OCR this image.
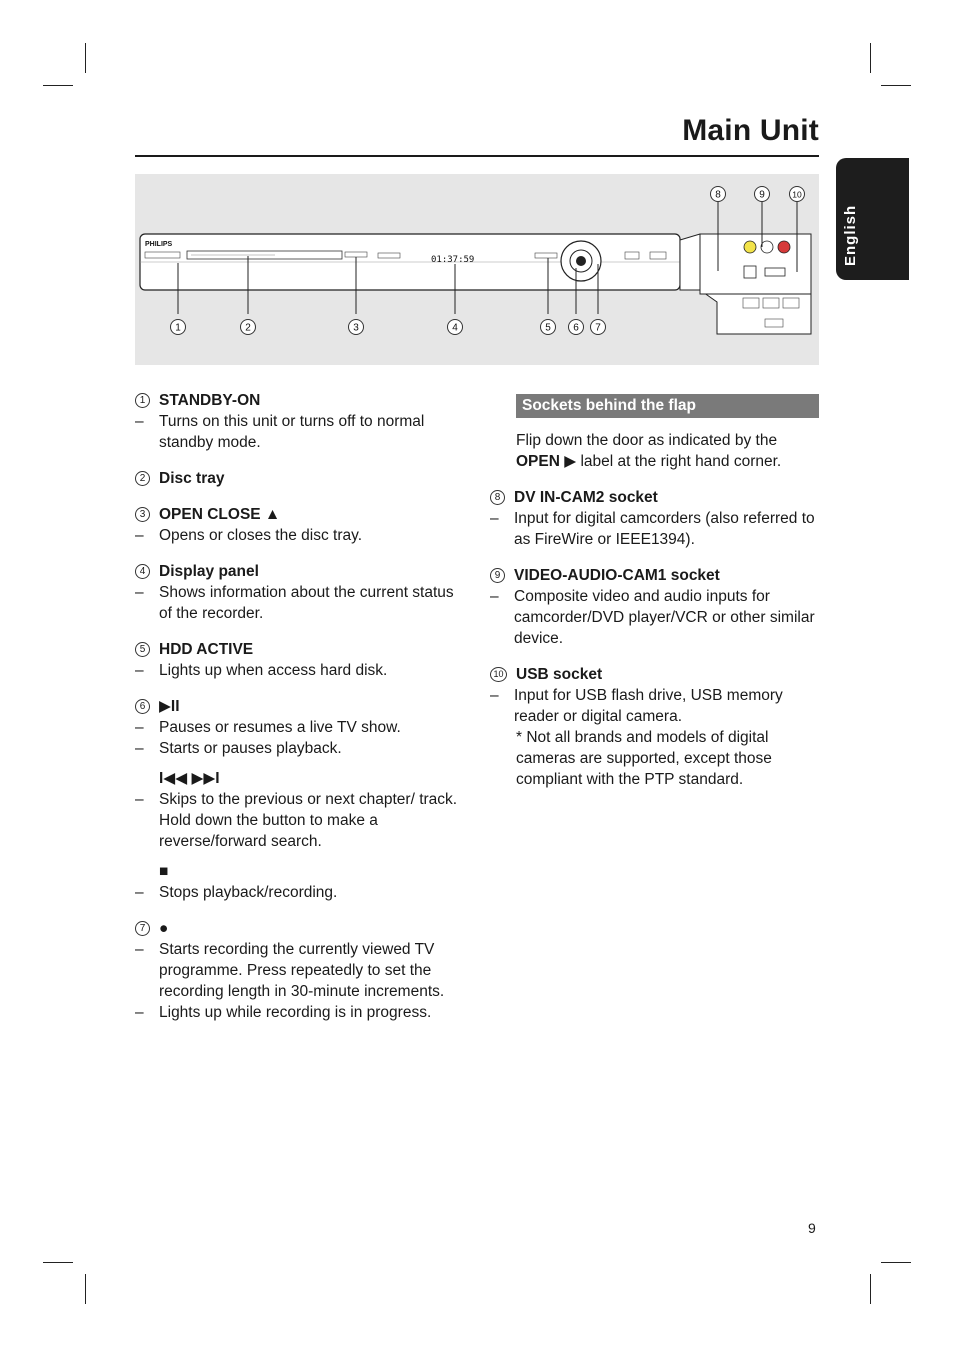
Main Unit
English
PHILIPS
01:37:59
1	2	3	4	5 6 7
8	9	10
1 STANDBY-ON
– Turns on this unit or turns off to normal standby mode.
2 Disc tray
3 OPEN CLOSE ▲
– Opens or closes the disc tray.
4 Display panel
– Shows information about the current status of the recorder.
5 HDD ACTIVE
– Lights up when access hard disk.
6 ▶II
– Pauses or resumes a live TV show.
– Starts or pauses playback.
I◀◀ ▶▶I
– Skips to the previous or next chapter/ track. Hold down the button to make a reverse/forward search.
■
– Stops playback/recording.
7 ●
– Starts recording the currently viewed TV programme. Press repeatedly to set the recording length in 30-minute increments.
– Lights up while recording is in progress.
Sockets behind the flap
Flip down the door as indicated by the OPEN ▶ label at the right hand corner.
8 DV IN-CAM2 socket
– Input for digital camcorders (also referred to as FireWire or IEEE1394).
9 VIDEO-AUDIO-CAM1 socket
– Composite video and audio inputs for camcorder/DVD player/VCR or other similar device.
10 USB socket
– Input for USB flash drive, USB memory reader or digital camera.
* Not all brands and models of digital cameras are supported, except those compliant with the PTP standard.
9
